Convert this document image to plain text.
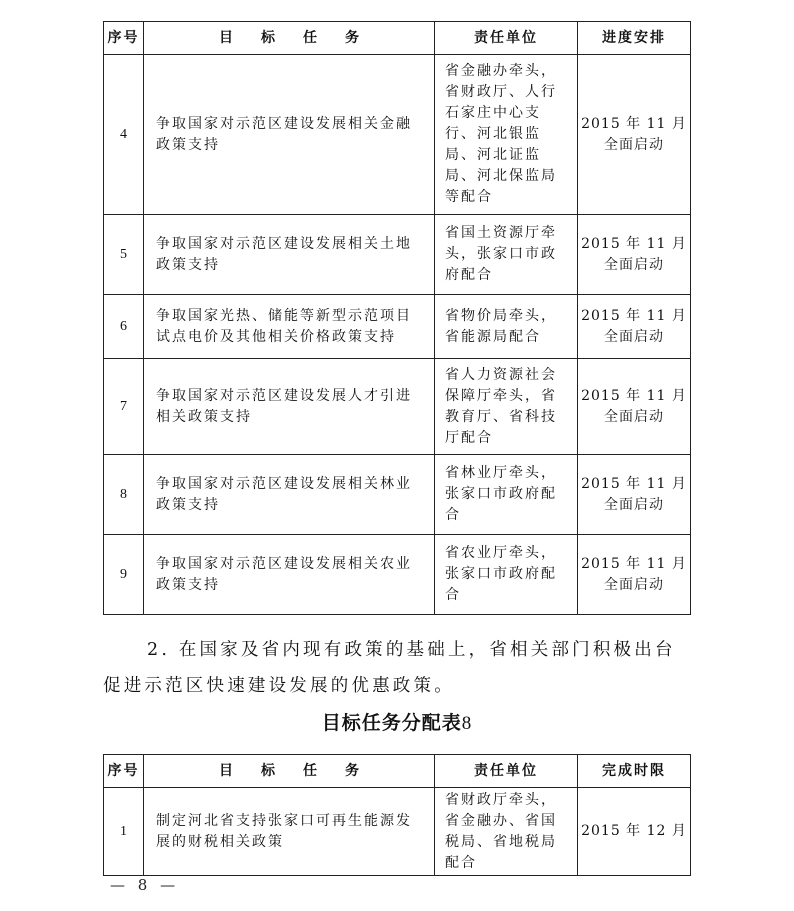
序号	目标任务	责任单位	进度安排
4	争取国家对示范区建设发展相关金融政策支持	省金融办牵头，省财政厅、人行石家庄中心支行、河北银监局、河北证监局、河北保监局等配合	2015 年 11 月全面启动
5	争取国家对示范区建设发展相关土地政策支持	省国土资源厅牵头，张家口市政府配合	2015 年 11 月全面启动
6	争取国家光热、储能等新型示范项目试点电价及其他相关价格政策支持	省物价局牵头，省能源局配合	2015 年 11 月全面启动
7	争取国家对示范区建设发展人才引进相关政策支持	省人力资源社会保障厅牵头，省教育厅、省科技厅配合	2015 年 11 月全面启动
8	争取国家对示范区建设发展相关林业政策支持	省林业厅牵头，张家口市政府配合	2015 年 11 月全面启动
9	争取国家对示范区建设发展相关农业政策支持	省农业厅牵头，张家口市政府配合	2015 年 11 月全面启动
2. 在国家及省内现有政策的基础上，省相关部门积极出台促进示范区快速建设发展的优惠政策。
目标任务分配表8
序号	目标任务	责任单位	完成时限
1	制定河北省支持张家口可再生能源发展的财税相关政策	省财政厅牵头，省金融办、省国税局、省地税局配合	2015 年 12 月
— 8 —
